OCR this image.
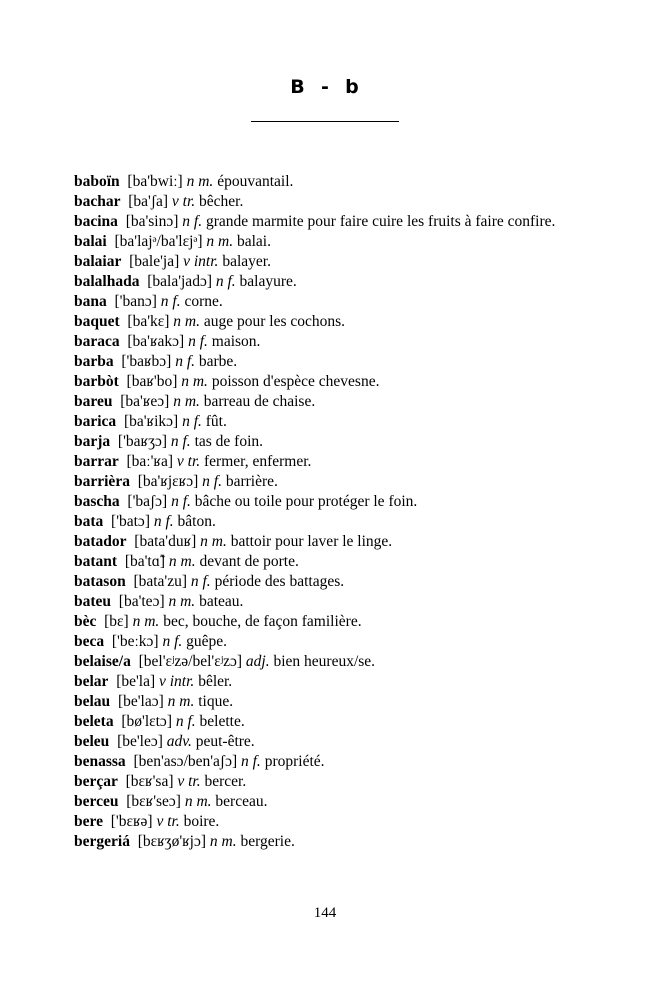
B  -  b

baboïn [ba'bwiː] n m. épouvantail.

bachar [ba'ʃa] v tr. bêcher.

bacina [ba'sinɔ] n f. grande marmite pour faire cuire les fruits à faire confire.

balai [ba'lajᵊ/ba'lɛjᵊ] n m. balai.

balaiar [bale'ja] v intr. balayer.

balalhada [bala'jadɔ] n f. balayure.

bana ['banɔ] n f. corne.

baquet [ba'kɛ] n m. auge pour les cochons.

baraca [ba'ʁakɔ] n f. maison.

barba ['baʁbɔ] n f. barbe.

barbòt [baʁ'bo] n m. poisson d'espèce chevesne.

bareu [ba'ʁeɔ] n m. barreau de chaise.

barica [ba'ʁikɔ] n f. fût.

barja ['baʁʒɔ] n f. tas de foin.

barrar [baː'ʁa] v tr. fermer, enfermer.

barrièra [ba'ʁjɛʁɔ] n f. barrière.

bascha ['baʃɔ] n f. bâche ou toile pour protéger le foin.

bata ['batɔ] n f. bâton.

batador [bata'duʁ] n m. battoir pour laver le linge.

batant [ba'tɑ̃] n m. devant de porte.

batason [bata'zu] n f. période des battages.

bateu [ba'teɔ] n m. bateau.

bèc [bɛ] n m. bec, bouche, de façon familière.

beca ['beːkɔ] n f. guêpe.

belaise/a [bel'ɛʲzə/bel'ɛʲzɔ] adj. bien heureux/se.

belar [be'la] v intr. bêler.

belau [be'laɔ] n m. tique.

beleta [bø'lɛtɔ] n f. belette.

beleu [be'leɔ] adv. peut-être.

benassa [ben'asɔ/ben'aʃɔ] n f. propriété.

berçar [bɛʁ'sa] v tr. bercer.

berceu [bɛʁ'seɔ] n m. berceau.

bere ['bɛʁə] v tr. boire.

bergeriá [bɛʁʒø'ʁjɔ] n m. bergerie.

144
